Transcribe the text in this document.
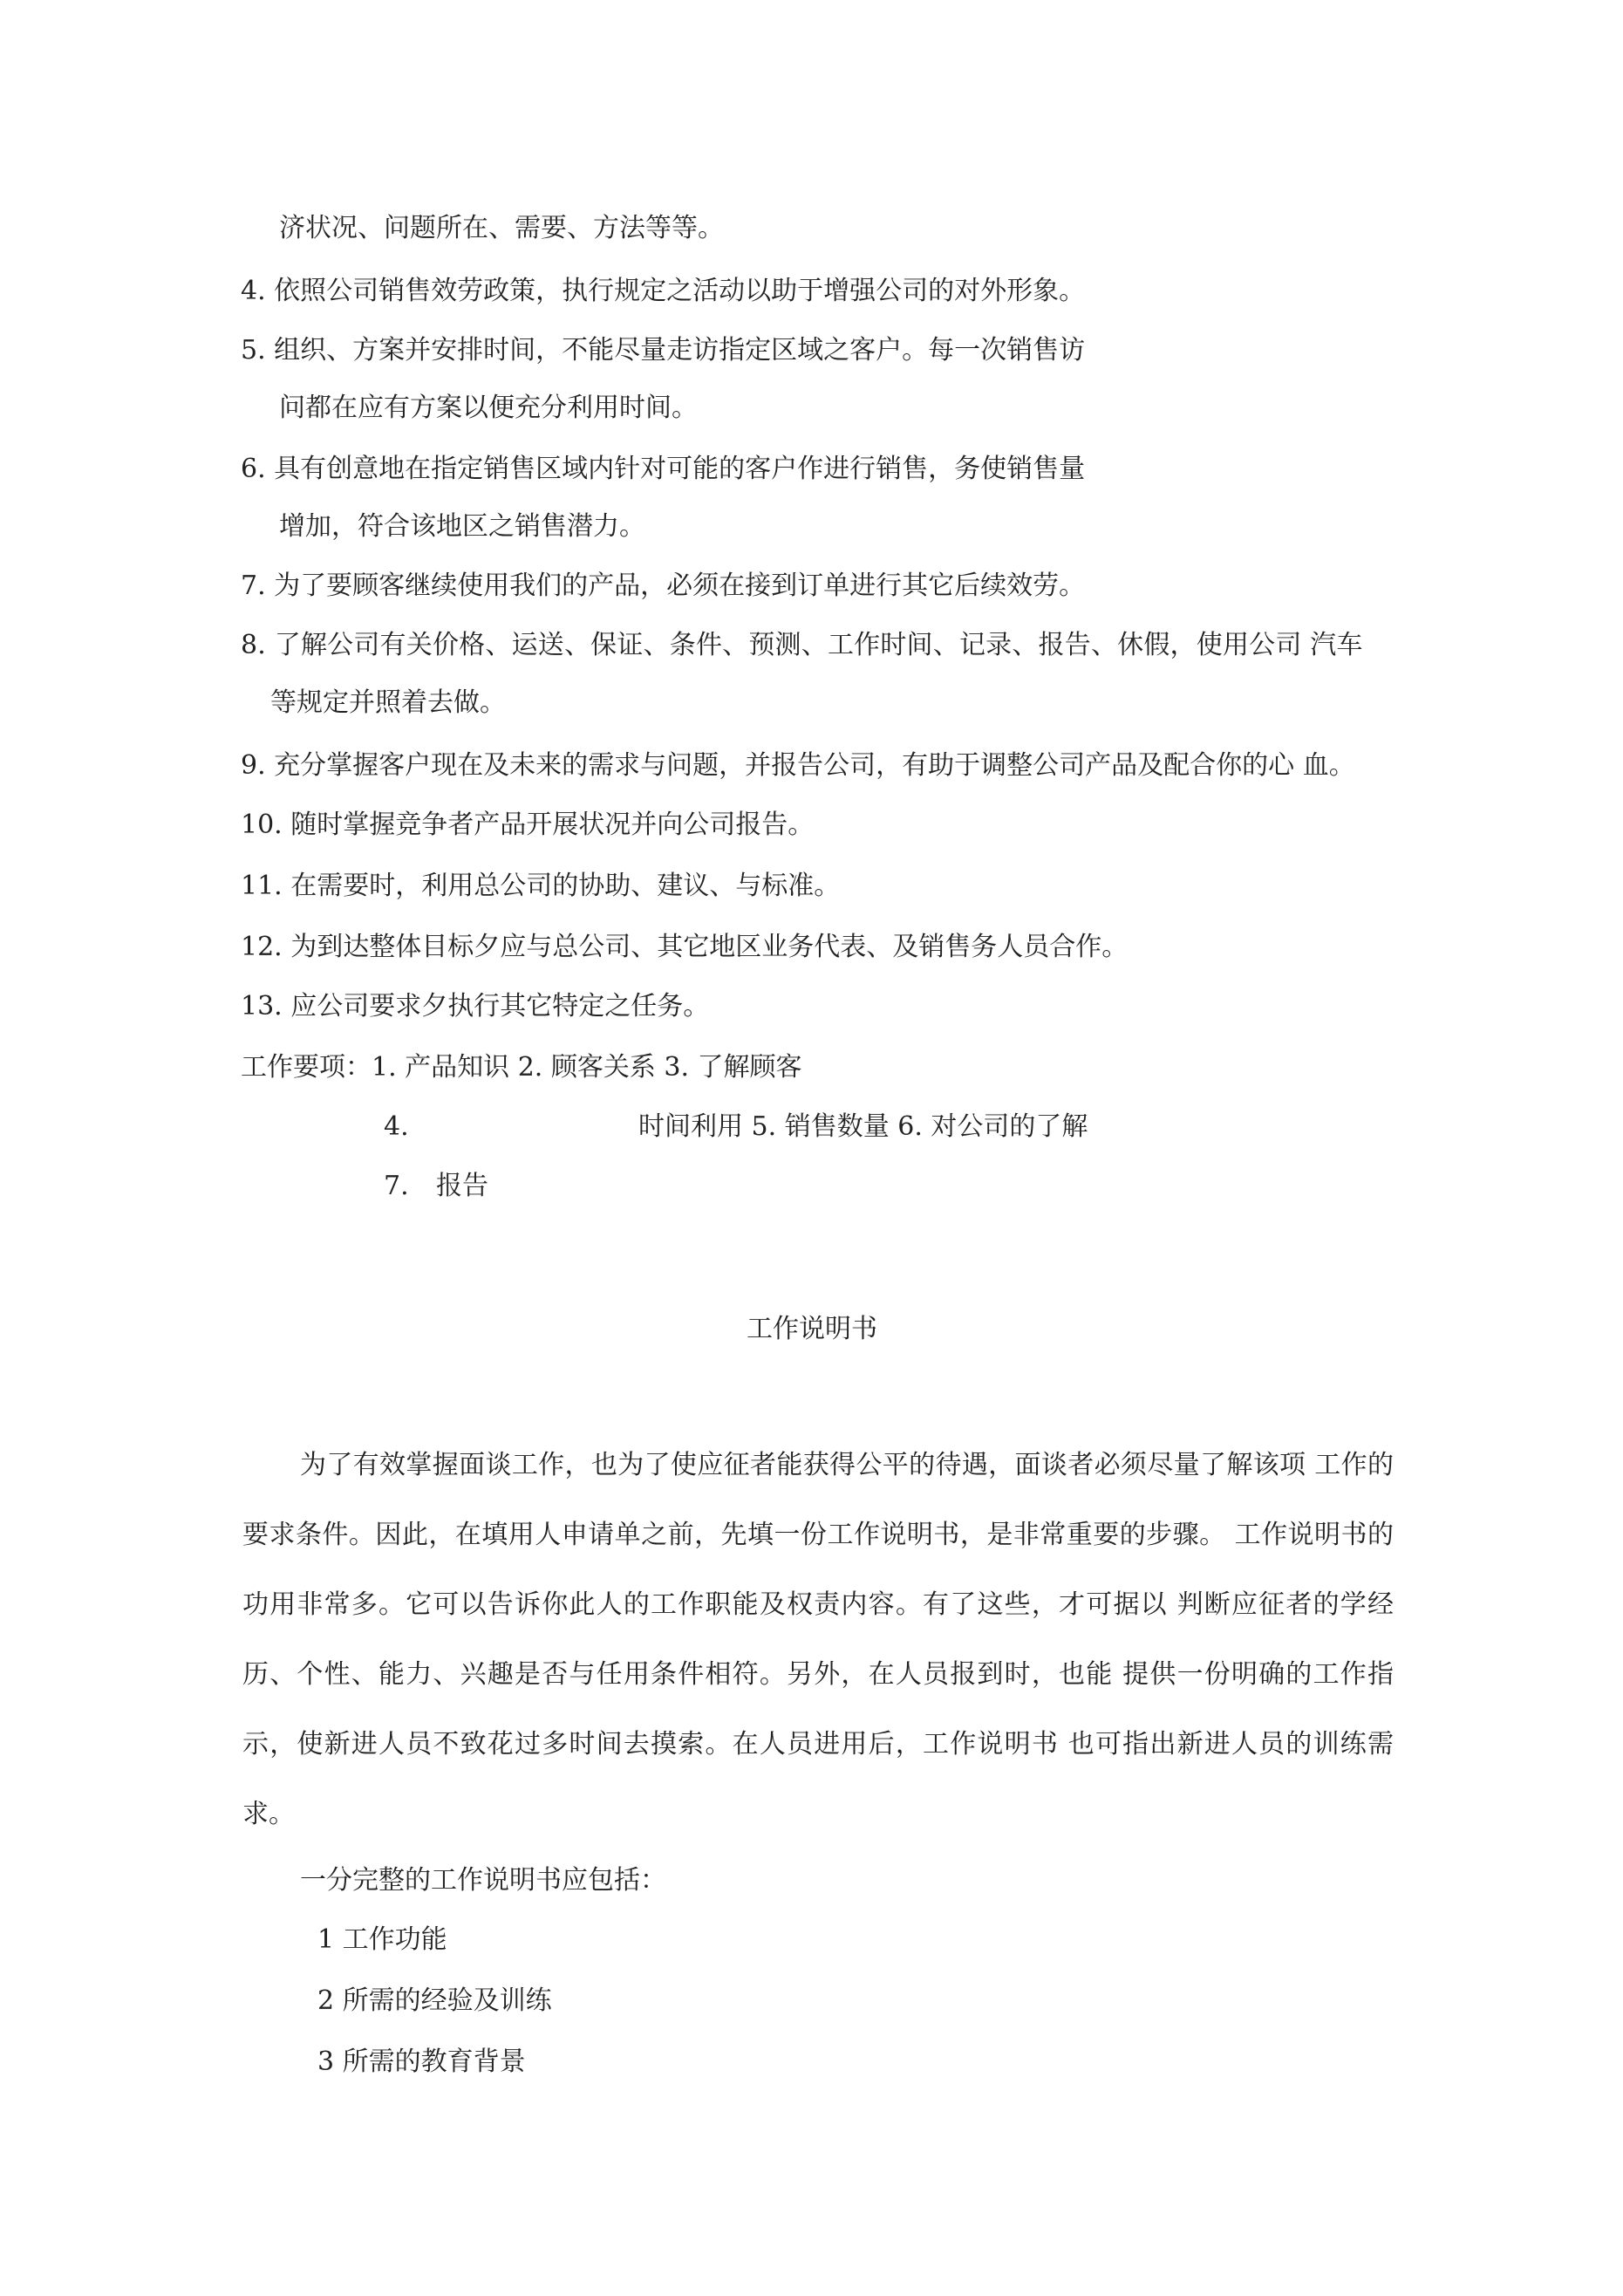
济状况、问题所在、需要、方法等等。
4. 依照公司销售效劳政策，执行规定之活动以助于增强公司的对外形象。
5. 组织、方案并安排时间，不能尽量走访指定区域之客户。每一次销售访
问都在应有方案以便充分利用时间。
6. 具有创意地在指定销售区域内针对可能的客户作进行销售，务使销售量
增加，符合该地区之销售潜力。
7. 为了要顾客继续使用我们的产品，必须在接到订单进行其它后续效劳。
8. 了解公司有关价格、运送、保证、条件、预测、工作时间、记录、报告、休假，使用公司 汽车
等规定并照着去做。
9. 充分掌握客户现在及未来的需求与问题，并报告公司，有助于调整公司产品及配合你的心 血。
10. 随时掌握竞争者产品开展状况并向公司报告。
11. 在需要时，利用总公司的协助、建议、与标准。
12. 为到达整体目标夕应与总公司、其它地区业务代表、及销售务人员合作。
13. 应公司要求夕执行其它特定之任务。
工作要项：1. 产品知识 2. 顾客关系 3. 了解顾客
4.	时间利用 5. 销售数量 6. 对公司的了解
7. 报告
工作说明书
为了有效掌握面谈工作，也为了使应征者能获得公平的待遇，面谈者必须尽量了解该项 工作的要求条件。因此，在填用人申请单之前，先填一份工作说明书，是非常重要的步骤。 工作说明书的功用非常多。它可以告诉你此人的工作职能及权责内容。有了这些，才可据以 判断应征者的学经历、个性、能力、兴趣是否与任用条件相符。另外，在人员报到时，也能 提供一份明确的工作指示，使新进人员不致花过多时间去摸索。在人员进用后，工作说明书 也可指出新进人员的训练需求。
一分完整的工作说明书应包括：
1 工作功能
2 所需的经验及训练
3 所需的教育背景
